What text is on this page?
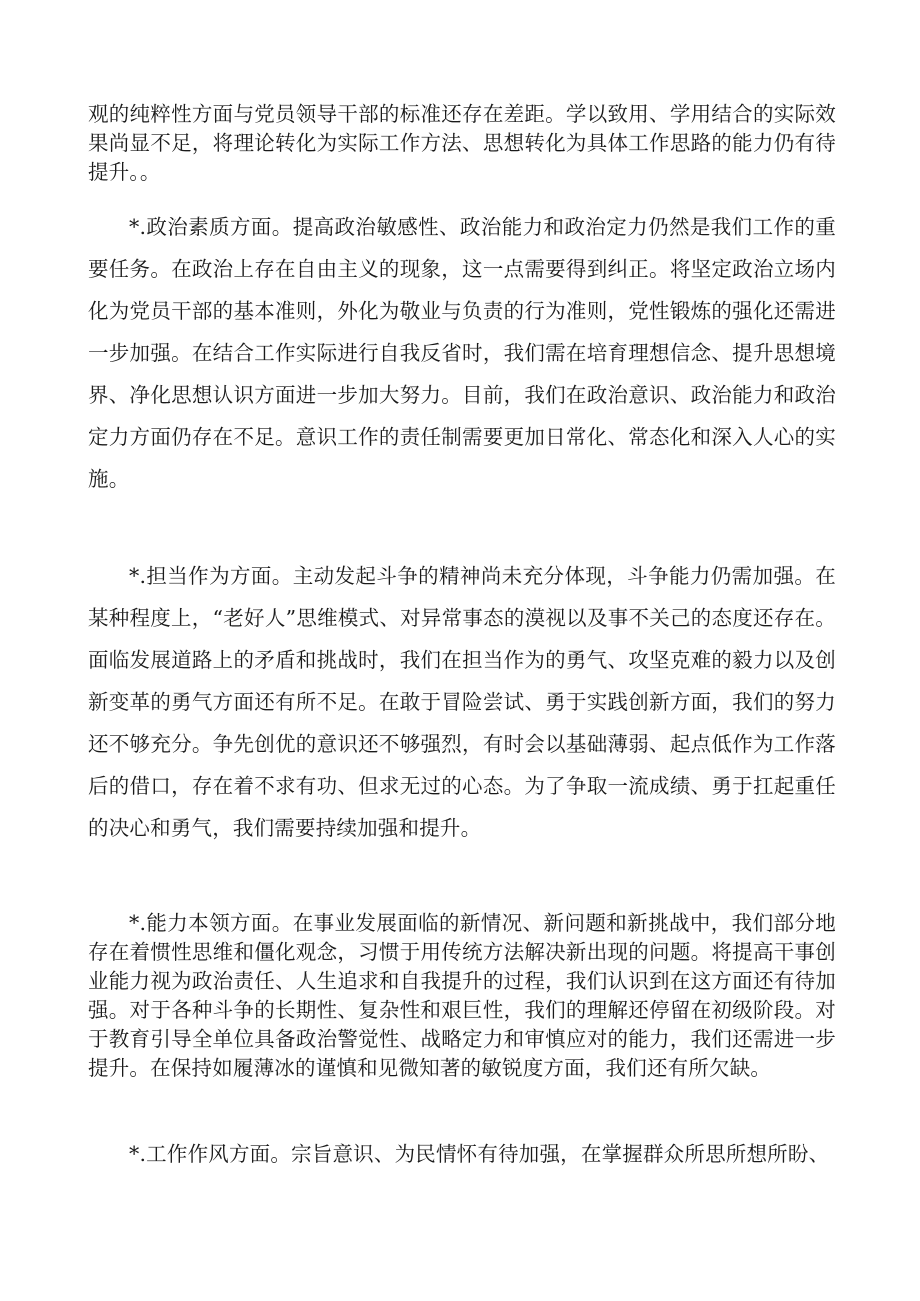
观的纯粹性方面与党员领导干部的标准还存在差距。学以致用、学用结合的实际效果尚显不足，将理论转化为实际工作方法、思想转化为具体工作思路的能力仍有待提升。。

*.政治素质方面。提高政治敏感性、政治能力和政治定力仍然是我们工作的重要任务。在政治上存在自由主义的现象，这一点需要得到纠正。将坚定政治立场内化为党员干部的基本准则，外化为敬业与负责的行为准则，党性锻炼的强化还需进一步加强。在结合工作实际进行自我反省时，我们需在培育理想信念、提升思想境界、净化思想认识方面进一步加大努力。目前，我们在政治意识、政治能力和政治定力方面仍存在不足。意识工作的责任制需要更加日常化、常态化和深入人心的实施。

*.担当作为方面。主动发起斗争的精神尚未充分体现，斗争能力仍需加强。在某种程度上，“老好人”思维模式、对异常事态的漠视以及事不关己的态度还存在。面临发展道路上的矛盾和挑战时，我们在担当作为的勇气、攻坚克难的毅力以及创新变革的勇气方面还有所不足。在敢于冒险尝试、勇于实践创新方面，我们的努力还不够充分。争先创优的意识还不够强烈，有时会以基础薄弱、起点低作为工作落后的借口，存在着不求有功、但求无过的心态。为了争取一流成绩、勇于扛起重任的决心和勇气，我们需要持续加强和提升。

*.能力本领方面。在事业发展面临的新情况、新问题和新挑战中，我们部分地存在着惯性思维和僵化观念，习惯于用传统方法解决新出现的问题。将提高干事创业能力视为政治责任、人生追求和自我提升的过程，我们认识到在这方面还有待加强。对于各种斗争的长期性、复杂性和艰巨性，我们的理解还停留在初级阶段。对于教育引导全单位具备政治警觉性、战略定力和审慎应对的能力，我们还需进一步提升。在保持如履薄冰的谨慎和见微知著的敏锐度方面，我们还有所欠缺。

*.工作作风方面。宗旨意识、为民情怀有待加强，在掌握群众所思所想所盼、
